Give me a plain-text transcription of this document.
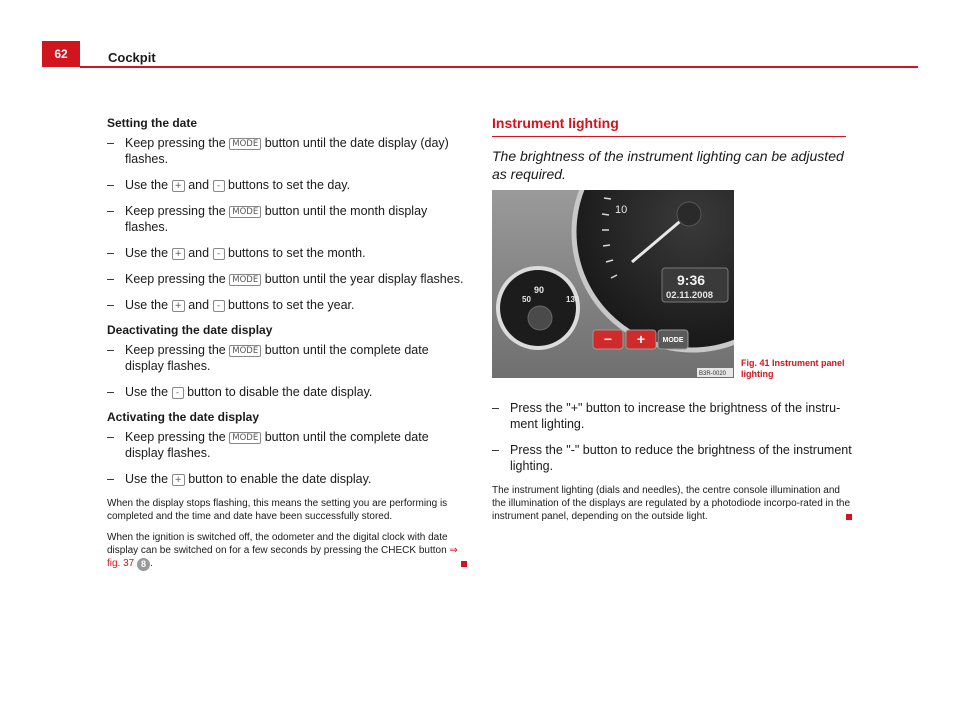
62	Cockpit

Setting the date

– Keep pressing the MODE button until the date display (day) flashes.
– Use the + and - buttons to set the day.
– Keep pressing the MODE button until the month display flashes.
– Use the + and - buttons to set the month.
– Keep pressing the MODE button until the year display flashes.
– Use the + and - buttons to set the year.

Deactivating the date display

– Keep pressing the MODE button until the complete date display flashes.
– Use the - button to disable the date display.

Activating the date display

– Keep pressing the MODE button until the complete date display flashes.
– Use the + button to enable the date display.

When the display stops flashing, this means the setting you are performing is completed and the time and date have been successfully stored.

When the ignition is switched off, the odometer and the digital clock with date display can be switched on for a few seconds by pressing the CHECK button ⇒ fig. 37 8 .

Instrument lighting

The brightness of the instrument lighting can be adjusted as required.

10
9:36
02.11.2008
90
50	130
− + MODE
B3R-0020
Fig. 41 Instrument panel lighting
– Press the "+" button to increase the brightness of the instru-ment lighting.
– Press the "-" button to reduce the brightness of the instrument lighting.

The instrument lighting (dials and needles), the centre console illumination and the illumination of the displays are regulated by a photodiode incorpo-rated in the instrument panel, depending on the outside light.
